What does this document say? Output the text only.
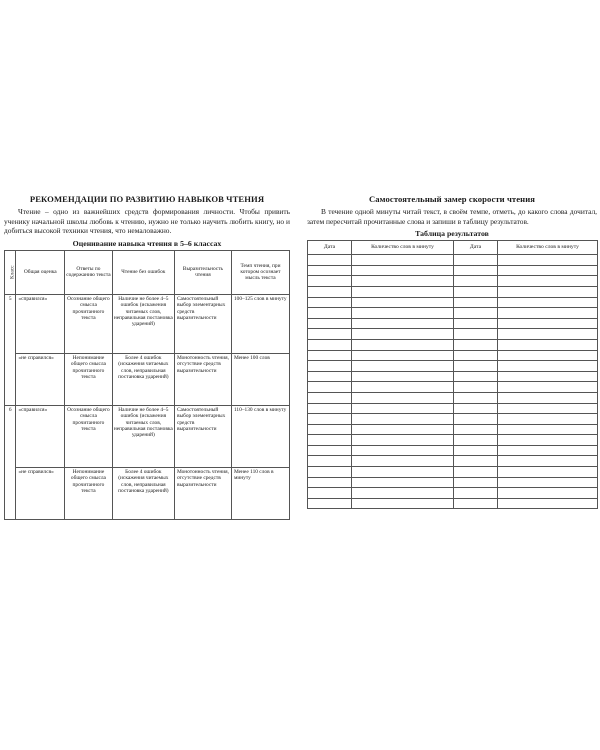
РЕКОМЕНДАЦИИ ПО РАЗВИТИЮ НАВЫКОВ ЧТЕНИЯ

Чтение – одно из важнейших средств формирования личности. Чтобы привить ученику начальной школы любовь к чтению, нужно не только научить любить книгу, но и добиться высокой техники чтения, что немаловажно.

Оценивание навыка чтения в 5–6 классах
Класс	Общая оценка	Ответы по содержанию текста	Чтение без ошибок	Выразительность чтения	Темп чтения, при котором осознает мысль текста
5	«справился»	Осознание общего смысла прочитанного текста	Наличие не более 4–5 ошибок (искажения читаемых слов, неправильная постановка ударений)	Самостоятельный выбор элементарных средств выразительности	100–125 слов в минуту
	«не справился»	Непонимание общего смысла прочитанного текста	Более 4 ошибок (искажения читаемых слов, неправильная постановка ударений)	Монотонность чтения, отсутствие средств выразительности	Менее 100 слов
6	«справился»	Осознание общего смысла прочитанного текста	Наличие не более 4–5 ошибок (искажения читаемых слов, неправильная постановка ударений)	Самостоятельный выбор элементарных средств выразительности	110–130 слов в минуту
	«не справился»	Непонимание общего смысла прочитанного текста	Более 4 ошибок (искажения читаемых слов, неправильная постановка ударений)	Монотонность чтения, отсутствие средств выразительности	Менее 110 слов в минуту
Самостоятельный замер скорости чтения

В течение одной минуты читай текст, в своём темпе, отметь, до какого слова дочитал, затем пересчитай прочитанные слова и запиши в таблицу результатов.

Таблица результатов
Дата	Количество слов в минуту	Дата	Количество слов в минуту
